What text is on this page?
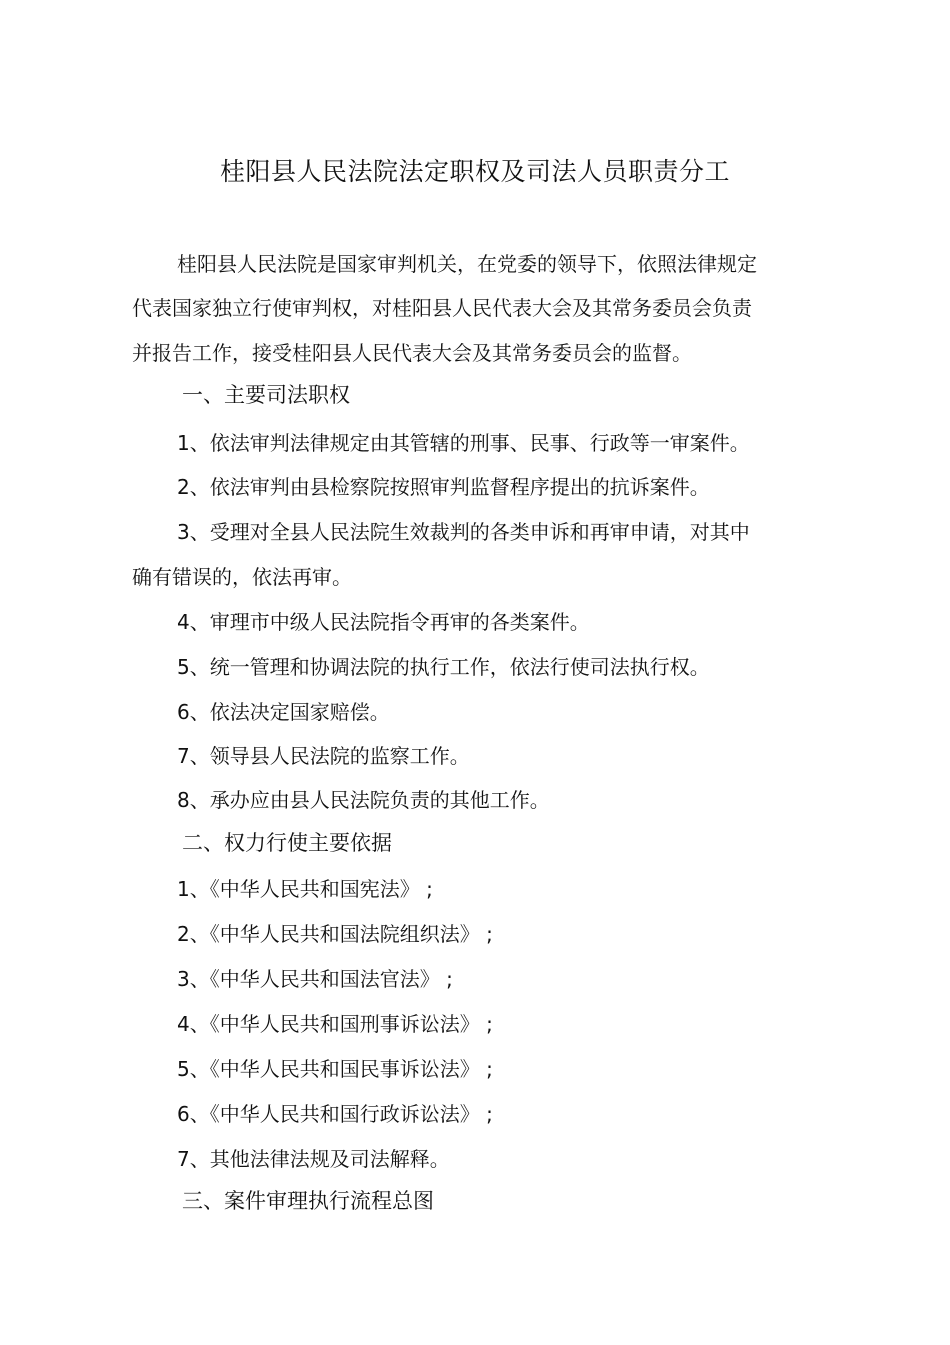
桂阳县人民法院法定职权及司法人员职责分工
桂阳县人民法院是国家审判机关，在党委的领导下，依照法律规定
代表国家独立行使审判权，对桂阳县人民代表大会及其常务委员会负责
并报告工作，接受桂阳县人民代表大会及其常务委员会的监督。
一、主要司法职权
1、依法审判法律规定由其管辖的刑事、民事、行政等一审案件。
2、依法审判由县检察院按照审判监督程序提出的抗诉案件。
3、受理对全县人民法院生效裁判的各类申诉和再审申请，对其中
确有错误的，依法再审。
4、审理市中级人民法院指令再审的各类案件。
5、统一管理和协调法院的执行工作，依法行使司法执行权。
6、依法决定国家赔偿。
7、领导县人民法院的监察工作。
8、承办应由县人民法院负责的其他工作。
二、权力行使主要依据
1、《中华人民共和国宪法》 ;
2、《中华人民共和国法院组织法》 ;
3、《中华人民共和国法官法》 ;
4、《中华人民共和国刑事诉讼法》 ;
5、《中华人民共和国民事诉讼法》 ;
6、《中华人民共和国行政诉讼法》 ;
7、其他法律法规及司法解释。
三、案件审理执行流程总图
